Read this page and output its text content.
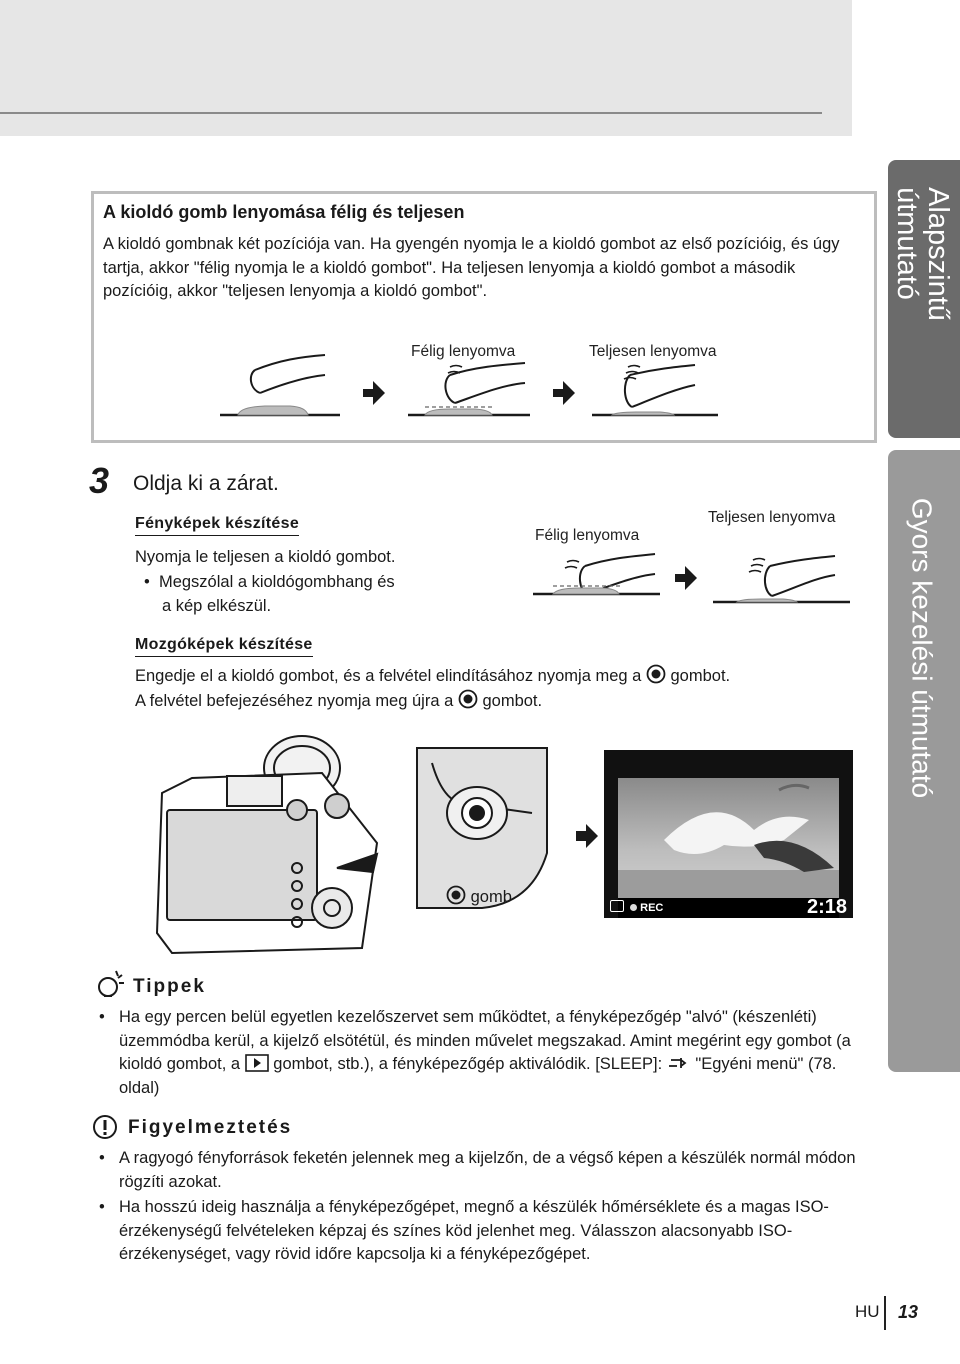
Alapszintű
útmutató
Gyors kezelési útmutató
A kioldó gomb lenyomása félig és teljesen
A kioldó gombnak két pozíciója van. Ha gyengén nyomja le a kioldó gombot az első pozícióig, és úgy tartja, akkor "félig nyomja le a kioldó gombot". Ha teljesen lenyomja a kioldó gombot a második pozícióig, akkor "teljesen lenyomja a kioldó gombot".
Félig lenyomva	Teljesen lenyomva
3 Oldja ki a zárat.
Fényképek készítése
Nyomja le teljesen a kioldó gombot.
•  Megszólal a kioldógombhang és
a kép elkészül.
Félig lenyomva
Teljesen lenyomva
Mozgóképek készítése
Engedje el a kioldó gombot, és a felvétel elindításához nyomja meg a gombot.
A felvétel befejezéséhez nyomja meg újra a gombot.
gomb
REC	2:18
Tippek
• Ha egy percen belül egyetlen kezelőszervet sem működtet, a fényképezőgép "alvó" (készenléti) üzemmódba kerül, a kijelző elsötétül, és minden művelet megszakad. Amint megérint egy gombot (a kioldó gombot, a gombot, stb.), a fényképezőgép aktiválódik. [SLEEP]: "Egyéni menü" (78. oldal)
Figyelmeztetés
• A ragyogó fényforrások feketén jelennek meg a kijelzőn, de a végső képen a készülék normál módon rögzíti azokat.
• Ha hosszú ideig használja a fényképezőgépet, megnő a készülék hőmérséklete és a magas ISO-érzékenységű felvételeken képzaj és színes köd jelenhet meg. Válasszon alacsonyabb ISO-érzékenységet, vagy rövid időre kapcsolja ki a fényképezőgépet.
HU 13
